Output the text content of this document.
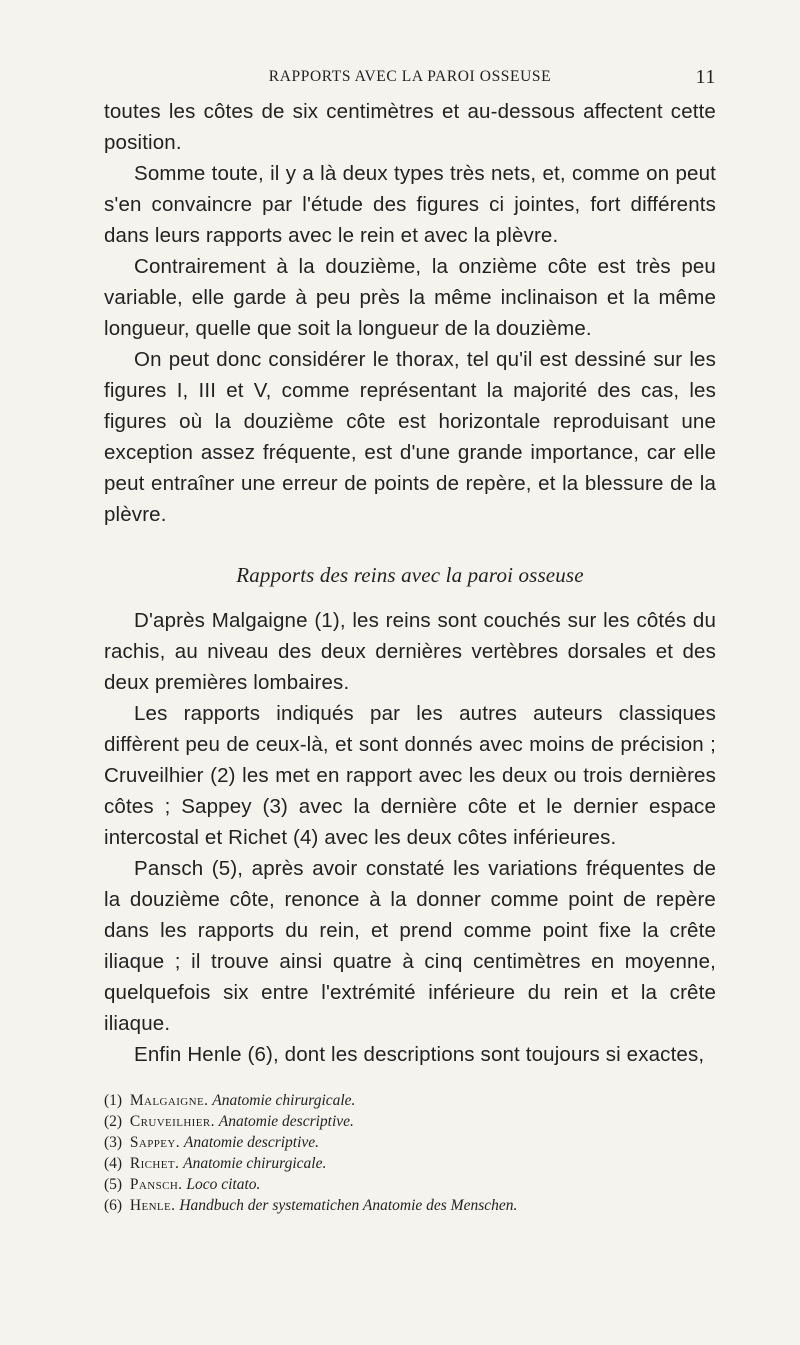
RAPPORTS AVEC LA PAROI OSSEUSE	11

toutes les côtes de six centimètres et au-dessous affectent cette position.

Somme toute, il y a là deux types très nets, et, comme on peut s'en convaincre par l'étude des figures ci jointes, fort différents dans leurs rapports avec le rein et avec la plèvre.

Contrairement à la douzième, la onzième côte est très peu variable, elle garde à peu près la même inclinaison et la même longueur, quelle que soit la longueur de la douzième.

On peut donc considérer le thorax, tel qu'il est dessiné sur les figures I, III et V, comme représentant la majorité des cas, les figures où la douzième côte est horizontale reproduisant une exception assez fréquente, est d'une grande importance, car elle peut entraîner une erreur de points de repère, et la blessure de la plèvre.

Rapports des reins avec la paroi osseuse

D'après Malgaigne (1), les reins sont couchés sur les côtés du rachis, au niveau des deux dernières vertèbres dorsales et des deux premières lombaires.

Les rapports indiqués par les autres auteurs classiques diffèrent peu de ceux-là, et sont donnés avec moins de précision ; Cruveilhier (2) les met en rapport avec les deux ou trois dernières côtes ; Sappey (3) avec la dernière côte et le dernier espace intercostal et Richet (4) avec les deux côtes inférieures.

Pansch (5), après avoir constaté les variations fréquentes de la douzième côte, renonce à la donner comme point de repère dans les rapports du rein, et prend comme point fixe la crête iliaque ; il trouve ainsi quatre à cinq centimètres en moyenne, quelquefois six entre l'extrémité inférieure du rein et la crête iliaque.

Enfin Henle (6), dont les descriptions sont toujours si exactes,

(1) Malgaigne. Anatomie chirurgicale.

(2) Cruveilhier. Anatomie descriptive.

(3) Sappey. Anatomie descriptive.

(4) Richet. Anatomie chirurgicale.

(5) Pansch. Loco citato.

(6) Henle. Handbuch der systematichen Anatomie des Menschen.
